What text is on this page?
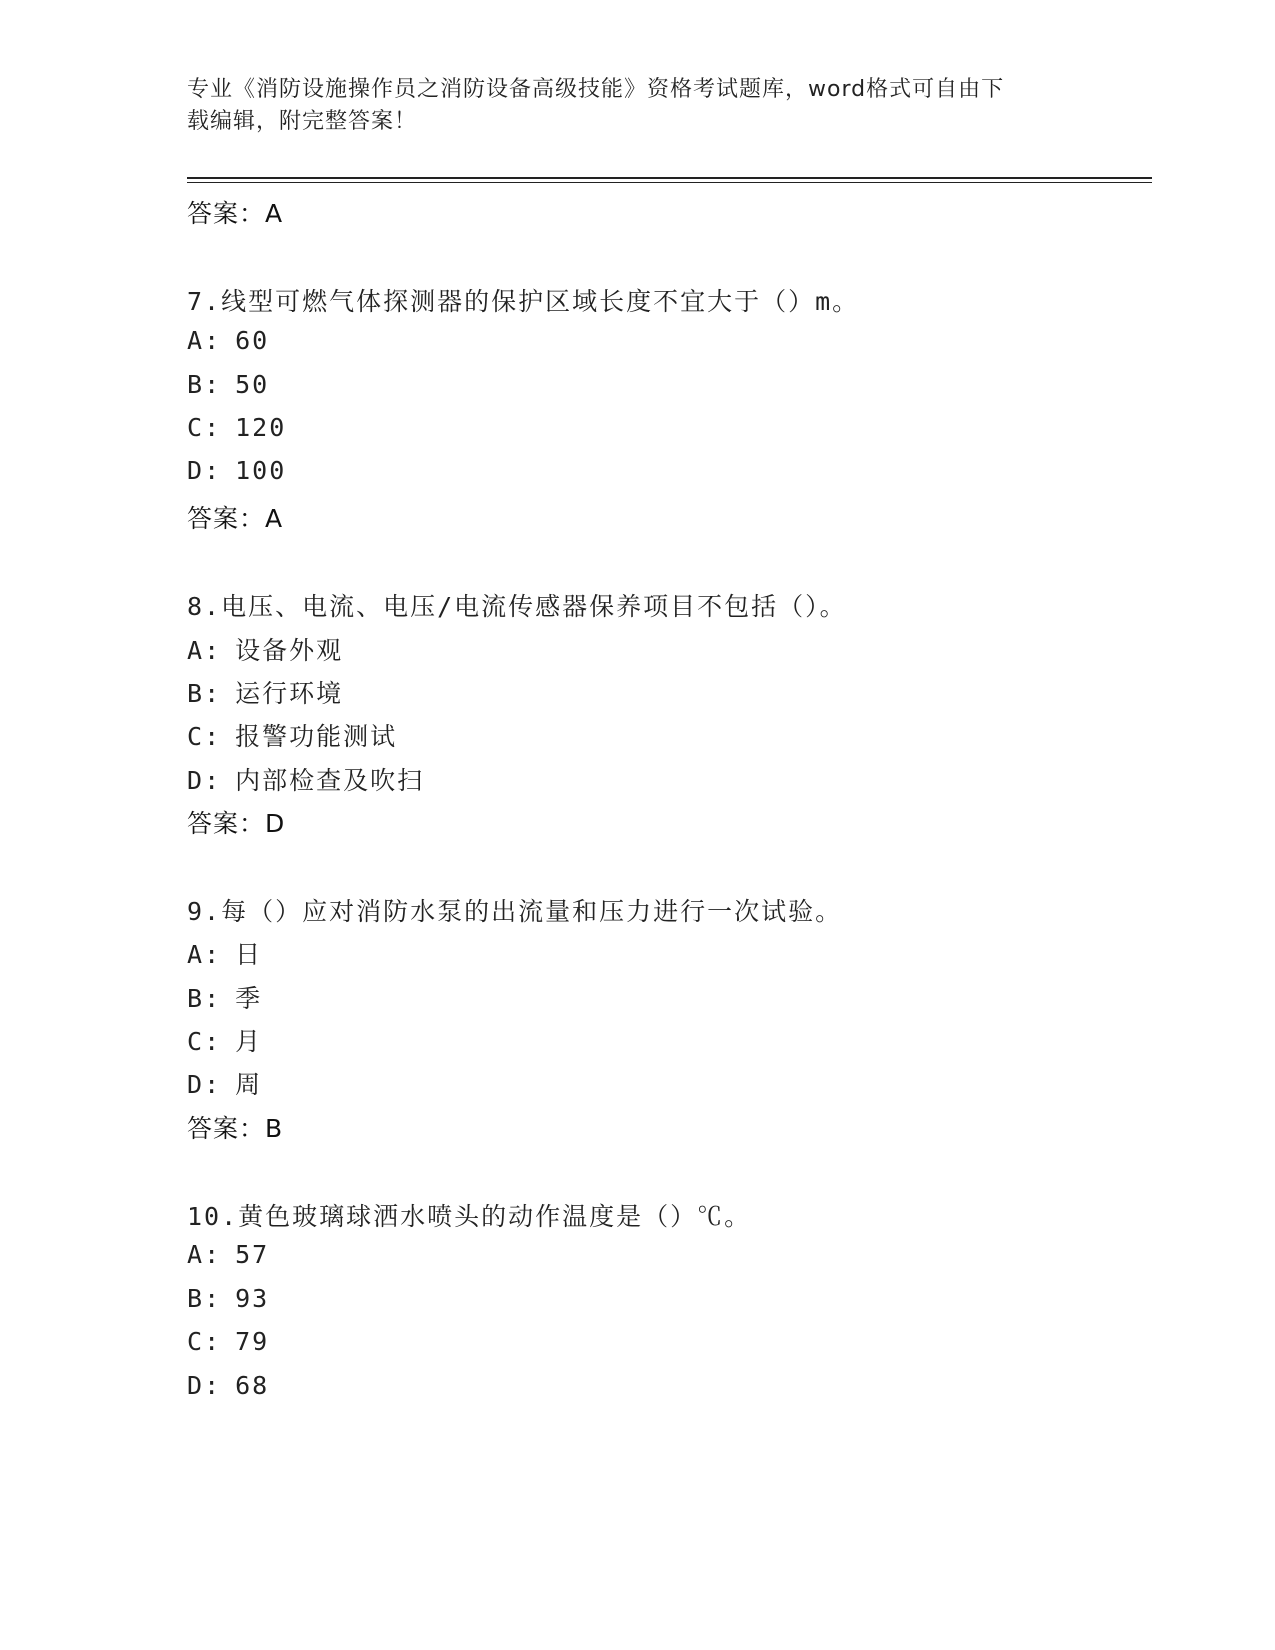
专业《消防设施操作员之消防设备高级技能》资格考试题库，word格式可自由下
载编辑，附完整答案！
答案：A
7.线型可燃气体探测器的保护区域长度不宜大于（）m。
A: 60
B: 50
C: 120
D: 100
答案：A
8.电压、电流、电压/电流传感器保养项目不包括（）。
A: 设备外观
B: 运行环境
C: 报警功能测试
D: 内部检查及吹扫
答案：D
9.每（）应对消防水泵的出流量和压力进行一次试验。
A: 日
B: 季
C: 月
D: 周
答案：B
10.黄色玻璃球洒水喷头的动作温度是（）℃。
A: 57
B: 93
C: 79
D: 68
